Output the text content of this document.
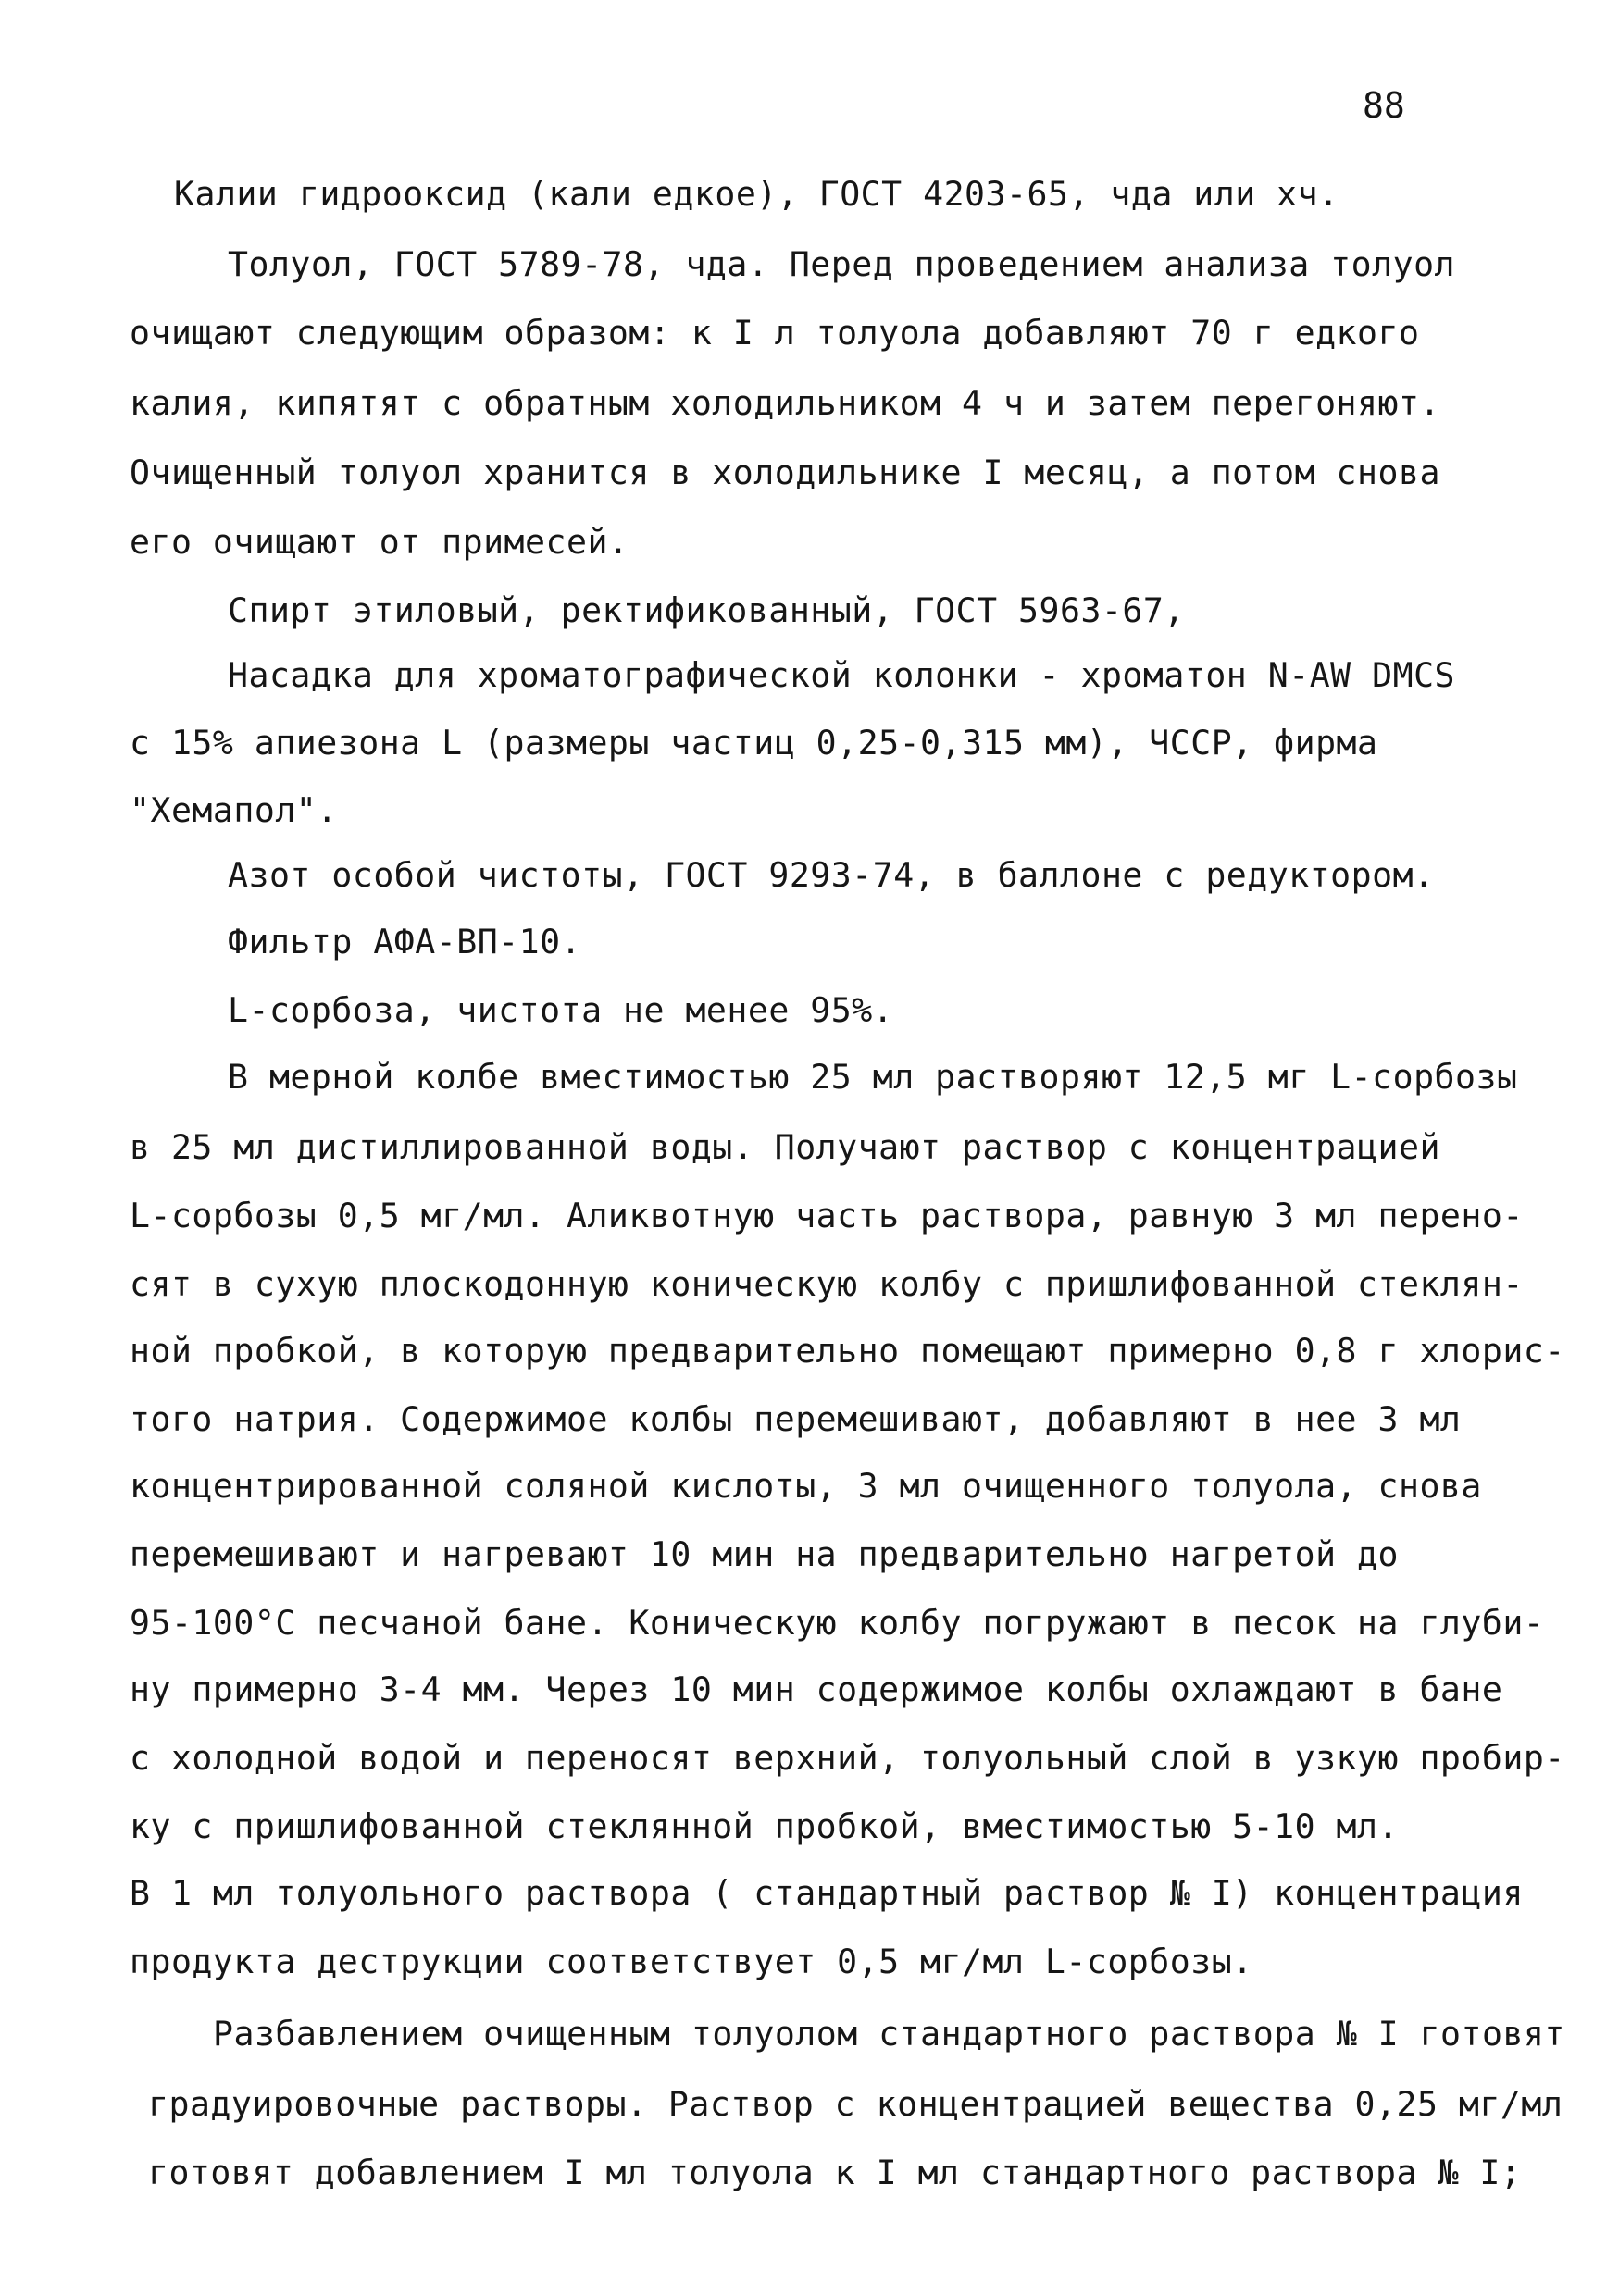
88
Калии гидрооксид (кали едкое), ГОСТ 4203-65, чда или хч.
Толуол, ГОСТ 5789-78, чда. Перед проведением анализа толуол
очищают следующим образом: к I л толуола добавляют 70 г едкого
калия, кипятят с обратным холодильником 4 ч и затем перегоняют.
Очищенный толуол хранится в холодильнике I месяц, а потом снова
его очищают от примесей.
Спирт этиловый, ректификованный, ГОСТ 5963-67,
Насадка для хроматографической колонки - хроматон N-AW DMCS
с 15% апиезона L (размеры частиц 0,25-0,315 мм), ЧССР, фирма
"Хемапол".
Азот особой чистоты, ГОСТ 9293-74, в баллоне с редуктором.
Фильтр АФА-ВП-10.
L-сорбоза, чистота не менее 95%.
В мерной колбе вместимостью 25 мл растворяют 12,5 мг L-сорбозы
в 25 мл дистиллированной воды. Получают раствор с концентрацией
L-сорбозы 0,5 мг/мл. Аликвотную часть раствора, равную 3 мл перено-
сят в сухую плоскодонную коническую колбу с пришлифованной стеклян-
ной пробкой, в которую предварительно помещают примерно 0,8 г хлорис-
того натрия. Содержимое колбы перемешивают, добавляют в нее 3 мл
концентрированной соляной кислоты, 3 мл очищенного толуола, снова
перемешивают и нагревают 10 мин на предварительно нагретой до
95-100°C песчаной бане. Коническую колбу погружают в песок на глуби-
ну примерно 3-4 мм. Через 10 мин содержимое колбы охлаждают в бане
с холодной водой и переносят верхний, толуольный слой в узкую пробир-
ку с пришлифованной стеклянной пробкой, вместимостью 5-10 мл.
В 1 мл толуольного раствора ( стандартный раствор № I) концентрация
продукта деструкции соответствует 0,5 мг/мл L-сорбозы.
Разбавлением очищенным толуолом стандартного раствора № I готовят
градуировочные растворы. Раствор с концентрацией вещества 0,25 мг/мл
готовят добавлением I мл толуола к I мл стандартного раствора № I;
